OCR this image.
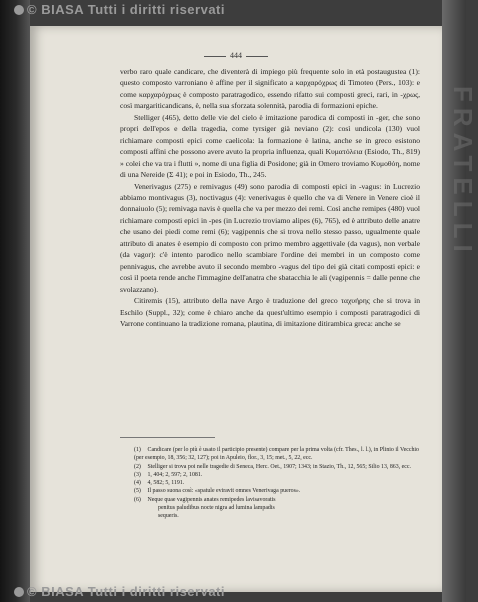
FRATELLI
444

verbo raro quale candicare, che diventerà di impiego più frequente solo in età postaugustea (1): questo composto varroniano è affine per il significato a καρχαρόχρως di Timoteo (Pers., 103): e come καρχαρόχρως è composto paratragodico, essendo rifatto sui composti greci, rari, in -χρως, così margariticandicans, è, nella sua sforzata solennità, parodia di formazioni epiche.

Stelliger (465), detto delle vie del cielo è imitazione parodica di composti in -ger, che sono propri dell'epos e della tragedia, come tyrsiger già neviano (2): così undicola (130) vuol richiamare composti epici come caelicola: la formazione è latina, anche se in greco esistono composti affini che possono avere avuto la propria influenza, quali Κυματόλεια (Esiodo, Th., 819) » colei che va tra i flutti », nome di una figlia di Posidone; già in Omero troviamo Κυμοθόη, nome di una Nereide (Σ 41); e poi in Esiodo, Th., 245.

Venerivagus (275) e remivagus (49) sono parodia di composti epici in -vagus: in Lucrezio abbiamo montivagus (3), noctivagus (4): venerivagus è quello che va di Venere in Venere cioè il donnaiuolo (5); remivaga navis è quella che va per mezzo dei remi. Così anche remipes (480) vuol richiamare composti epici in -pes (in Lucrezio troviamo alipes (6), 765), ed è attributo delle anatre che usano dei piedi come remi (6); vagipennis che si trova nello stesso passo, ugualmente quale attributo di anates è esempio di composto con primo membro aggettivale (da vagus), non verbale (da vagor): c'è intento parodico nello scambiare l'ordine dei membri in un composto come pennivagus, che avrebbe avuto il secondo membro -vagus del tipo dei già citati composti epici: e così il poeta rende anche l'immagine dell'anatra che sbatacchia le ali (vagipennis = dalle penne che svolazzano).

Citiremis (15), attributo della nave Argo è traduzione del greco ταχυήρης che si trova in Eschilo (Suppl., 32); come è chiaro anche da quest'ultimo esempio i composti paratragodici di Varrone continuano la tradizione romana, plautina, di imitazione ditirambica greca: anche se

(1) Candicare (per lo più è usato il participio presente) compare per la prima volta (cfr. Thes., l. l.), in Plinio il Vecchio (per esempio, 18, 356; 32, 127); poi in Apuleio, flor., 3, 15; met., 5, 22, ecc.
(2) Stelliger si trova poi nelle tragedie di Seneca, Herc. Oet., 1907; 1343; in Stazio, Th., 12, 565; Silio 13, 863, ecc.
(3) 1, 404; 2, 597; 2, 1081.
(4) 4, 582; 5, 1191.
(5) Il passo suona così: «spatule eviravit omnes Venerivaga pueros».
(6) Neque quae vagipennis anates remipedes lavisavoratis
penitus paludibus nocte nigra ad lumina lampadis
sequeris.
© BIASA Tutti i diritti riservati
© BIASA Tutti i diritti riservati
